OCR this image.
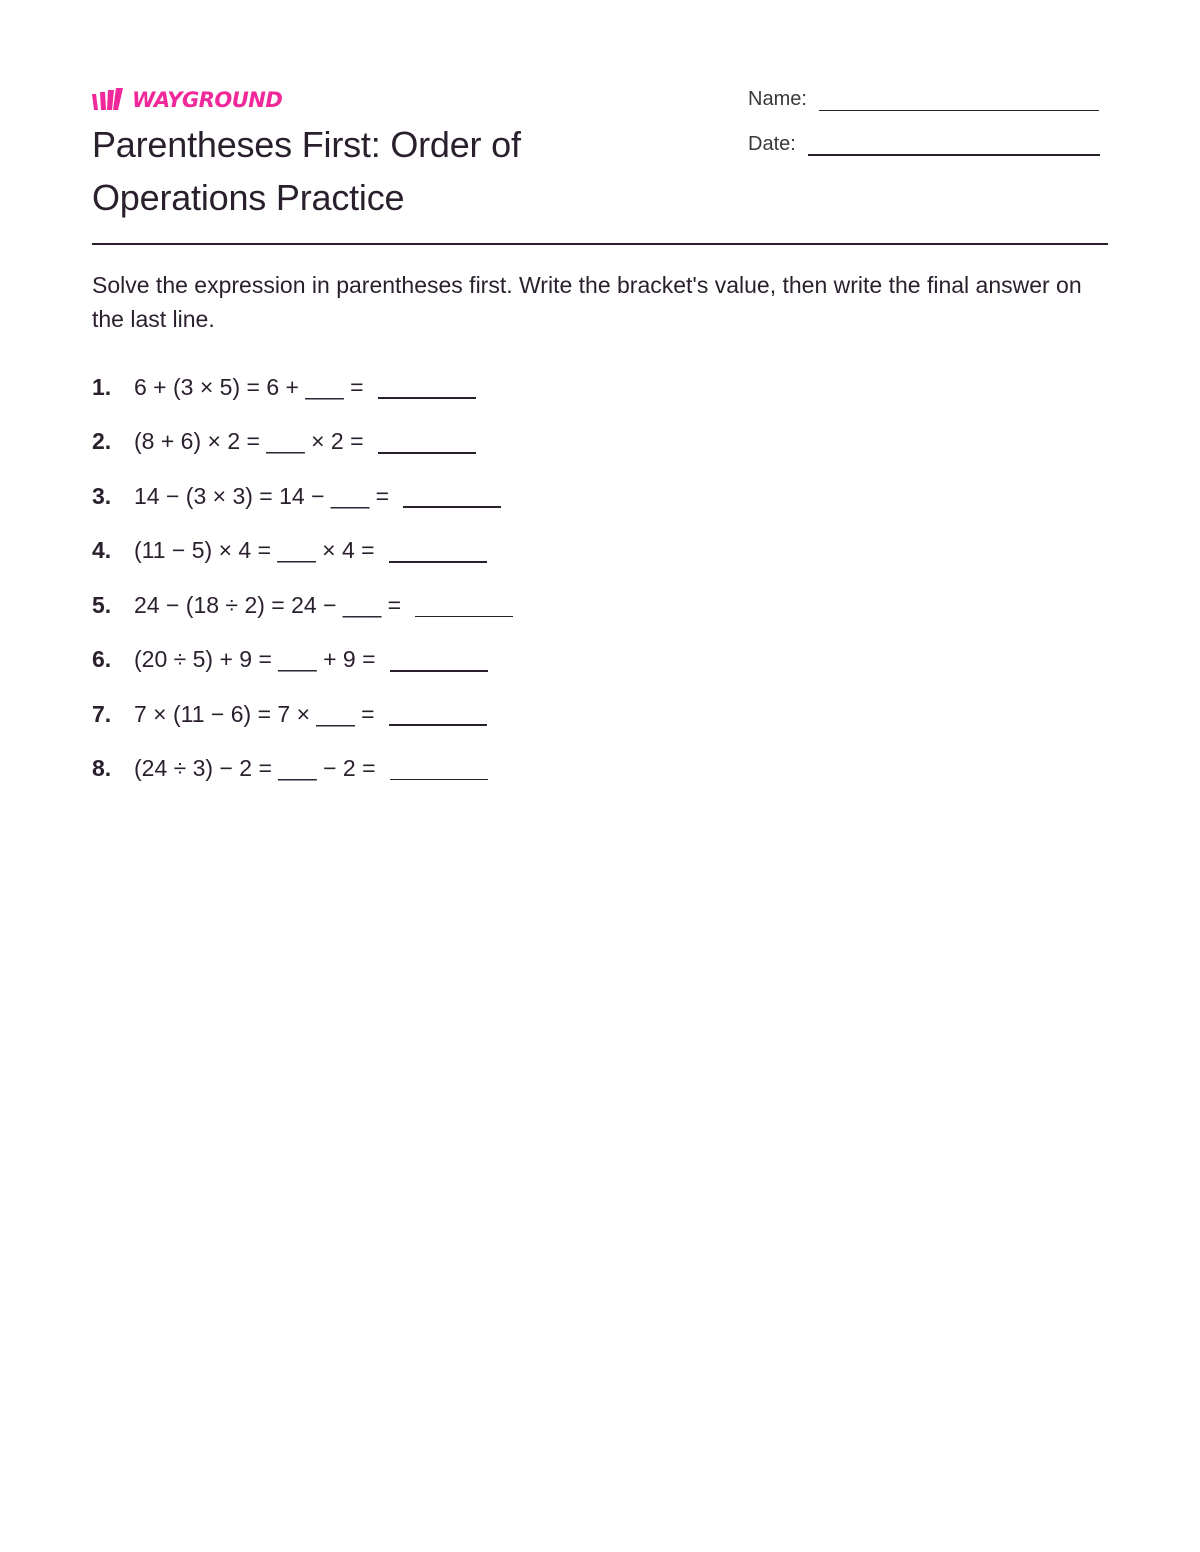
WAYGROUND
Parentheses First: Order of Operations Practice
Name:
Date:

Solve the expression in parentheses first. Write the bracket's value, then write the final answer on the last line.

1. 6 + (3 × 5) = 6 + ___ =
2. (8 + 6) × 2 = ___ × 2 =
3. 14 − (3 × 3) = 14 − ___ =
4. (11 − 5) × 4 = ___ × 4 =
5. 24 − (18 ÷ 2) = 24 − ___ =
6. (20 ÷ 5) + 9 = ___ + 9 =
7. 7 × (11 − 6) = 7 × ___ =
8. (24 ÷ 3) − 2 = ___ − 2 =
